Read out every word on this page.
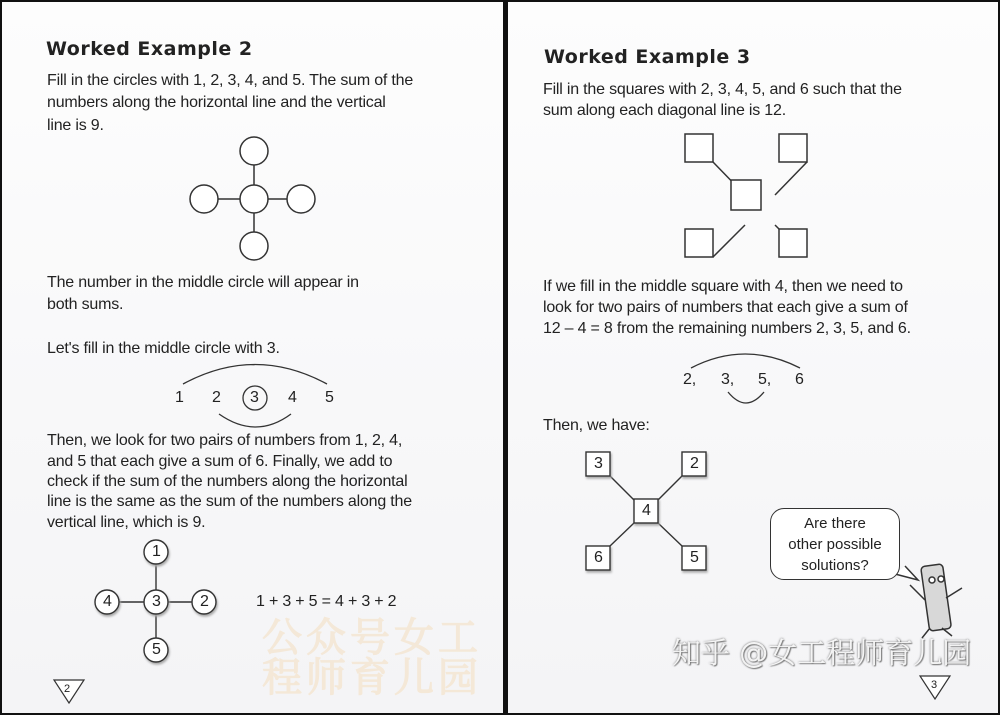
公众号女工程师育儿园
Worked Example 2
Fill in the circles with 1, 2, 3, 4, and 5. The sum of the
numbers along the horizontal line and the vertical
line is 9.
The number in the middle circle will appear in
both sums.
Let's fill in the middle circle with 3.
1 2 3 4 5
Then, we look for two pairs of numbers from 1, 2, 4,
and 5 that each give a sum of 6. Finally, we add to
check if the sum of the numbers along the horizontal
line is the same as the sum of the numbers along the
vertical line, which is 9.
1
4	3 2
5
1 + 3 + 5 = 4 + 3 + 2
2
Worked Example 3
Fill in the squares with 2, 3, 4, 5, and 6 such that the
sum along each diagonal line is 12.
If we fill in the middle square with 4, then we need to
look for two pairs of numbers that each give a sum of
12 – 4 = 8 from the remaining numbers 2, 3, 5, and 6.
2, 3, 5, 6
Then, we have:
3	2
4
6	5
Are there
other possible
solutions?
3
知乎 @女工程师育儿园
